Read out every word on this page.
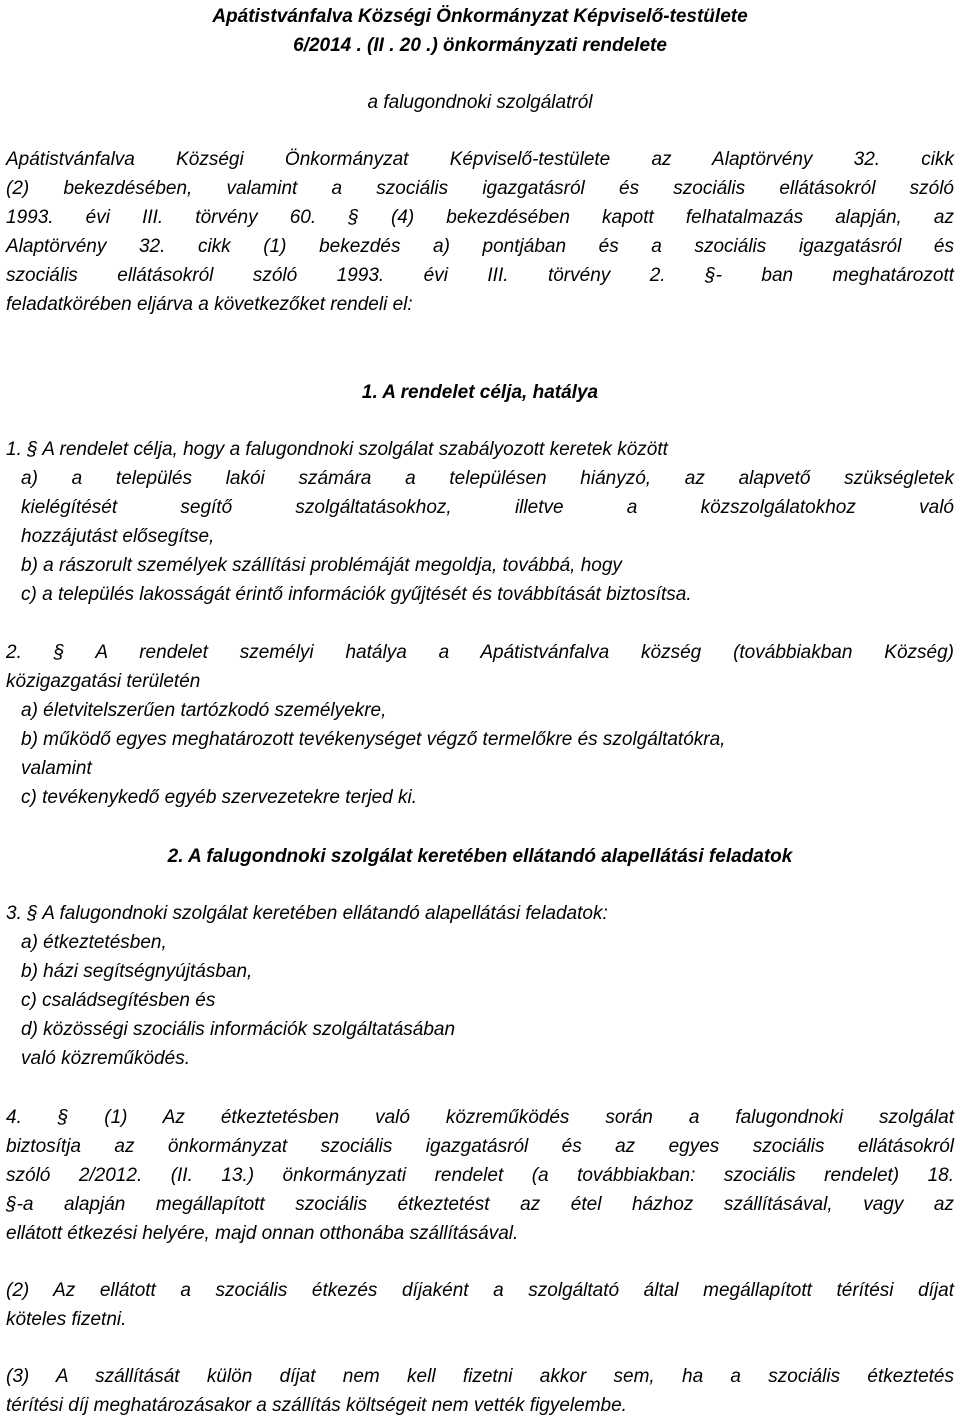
Apátistvánfalva Községi Önkormányzat Képviselő-testülete

6/2014 . (II . 20 .) önkormányzati rendelete

a falugondnoki szolgálatról

Apátistvánfalva Községi Önkormányzat Képviselő-testülete az Alaptörvény 32. cikk

(2) bekezdésében, valamint a szociális igazgatásról és szociális ellátásokról szóló

1993. évi III. törvény 60. § (4) bekezdésében kapott felhatalmazás alapján, az

Alaptörvény 32. cikk (1) bekezdés a) pontjában és a szociális igazgatásról és

szociális ellátásokról szóló 1993. évi III. törvény 2. §- ban meghatározott

feladatkörében eljárva a következőket rendeli el:

1. A rendelet célja, hatálya

1. § A rendelet célja, hogy a falugondnoki szolgálat szabályozott keretek között

a) a település lakói számára a településen hiányzó, az alapvető szükségletek

kielégítését segítő szolgáltatásokhoz, illetve a közszolgálatokhoz való

hozzájutást elősegítse,

b) a rászorult személyek szállítási problémáját megoldja, továbbá, hogy

c) a település lakosságát érintő információk gyűjtését és továbbítását biztosítsa.

2. § A rendelet személyi hatálya a Apátistvánfalva község (továbbiakban Község)

közigazgatási területén

a) életvitelszerűen tartózkodó személyekre,

b) működő egyes meghatározott tevékenységet végző termelőkre és szolgáltatókra,

valamint

c) tevékenykedő egyéb szervezetekre terjed ki.

2. A falugondnoki szolgálat keretében ellátandó alapellátási feladatok

3. § A falugondnoki szolgálat keretében ellátandó alapellátási feladatok:

a) étkeztetésben,

b) házi segítségnyújtásban,

c) családsegítésben és

d) közösségi szociális információk szolgáltatásában

való közreműködés.

4. § (1) Az étkeztetésben való közreműködés során a falugondnoki szolgálat

biztosítja az önkormányzat szociális igazgatásról és az egyes szociális ellátásokról

szóló 2/2012. (II. 13.) önkormányzati rendelet (a továbbiakban: szociális rendelet) 18.

§-a alapján megállapított szociális étkeztetést az étel házhoz szállításával, vagy az

ellátott étkezési helyére, majd onnan otthonába szállításával.

(2) Az ellátott a szociális étkezés díjaként a szolgáltató által megállapított térítési díjat

köteles fizetni.

(3) A szállítását külön díjat nem kell fizetni akkor sem, ha a szociális étkeztetés

térítési díj meghatározásakor a szállítás költségeit nem vették figyelembe.
